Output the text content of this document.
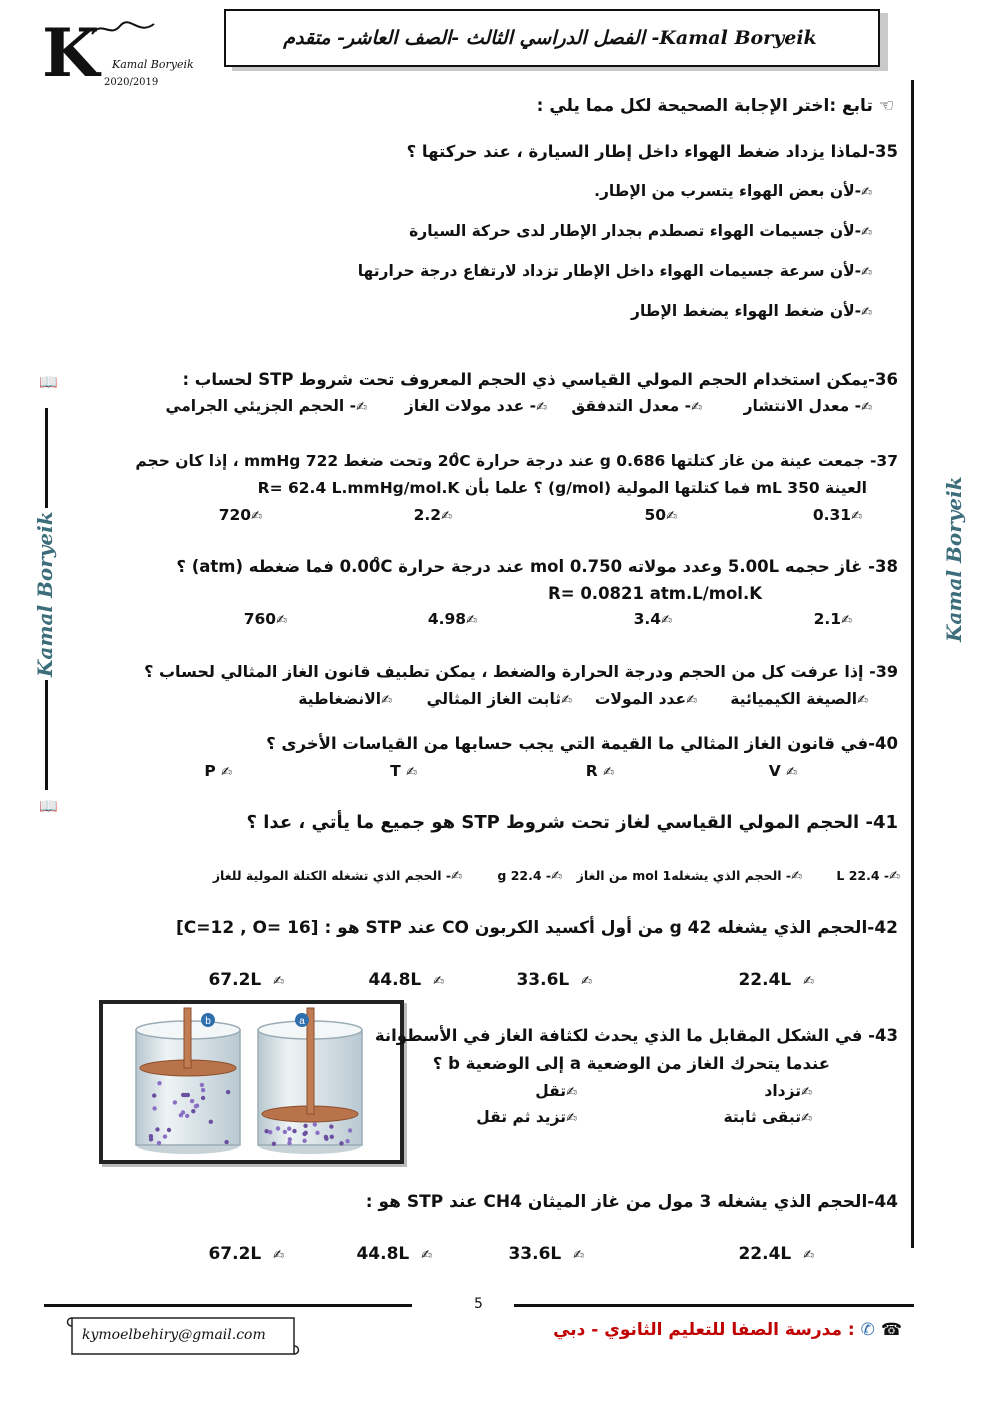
Kamal Boryeik- الفصل الدراسي الثالث -الصف العاشر- متقدم
K Kamal Boryeik
2020/2019
📖
Kamal Boryeik
📖
Kamal Boryeik
☜ تابع :اختر الإجابة الصحيحة لكل مما يلي :
35-لماذا يزداد ضغط الهواء داخل إطار السيارة ، عند حركتها ؟
✍-لأن بعض الهواء يتسرب من الإطار.
✍-لأن جسيمات الهواء تصطدم بجدار الإطار لدى حركة السيارة
✍-لأن سرعة جسيمات الهواء داخل الإطار تزداد لارتفاع درجة حرارتها
✍-لأن ضغط الهواء يضغط الإطار
36-يمكن استخدام الحجم المولي القياسي ذي الحجم المعروف تحت شروط STP لحساب :
✍- معدل الانتشار
✍- معدل التدفقق
✍- عدد مولات الغاز
✍- الحجم الجزيئي الجرامي
37- جمعت عينة من غاز كتلتها 0.686 g عند درجة حرارة 20̊C وتحت ضغط 722 mmHg ، إذا كان حجم
العينة 350 mL فما كتلتها المولية (g/mol) ؟ علما بأن R= 62.4 L.mmHg/mol.K
✍0.31
✍50
✍2.2
✍720
38- غاز حجمه 5.00L وعدد مولاته 0.750 mol عند درجة حرارة 0.00̊C فما ضغطه (atm) ؟
R= 0.0821 atm.L/mol.K
✍2.1
✍3.4
✍4.98
✍760
39- إذا عرفت كل من الحجم ودرجة الحرارة والضغط ، يمكن تطبيف قانون الغاز المثالي لحساب ؟
✍الصيغة الكيميائية
✍عدد المولات
✍ثابت الغاز المثالي
✍الانضغاطية
40-في قانون الغاز المثالي ما القيمة التي يجب حسابها من القياسات الأخرى ؟
✍ V
✍ R
✍ T
✍ P
41- الحجم المولي القياسي لغاز تحت شروط STP هو جميع ما يأتي ، عدا ؟
✍- 22.4 L
✍- الحجم الذي يشغله1 mol من الغاز
✍- 22.4 g
✍- الحجم الذي تشغله الكتلة المولية للغاز
42-الحجم الذي يشغله 42 g من أول أكسيد الكربون CO عند STP هو : [C=12 , O= 16]
✍  22.4L
✍  33.6L
✍  44.8L
✍  67.2L
b	a
43- في الشكل المقابل ما الذي يحدث لكثافة الغاز في الأسطوانة
عندما يتحرك الغاز من الوضعية a إلى الوضعية b ؟
✍تزداد
✍تقل
✍تبقى ثابتة
✍تزيد ثم تقل
44-الحجم الذي يشغله 3 مول من غاز الميثان CH4 عند STP هو :
✍  22.4L
✍  33.6L
✍  44.8L
✍  67.2L
5
☎ ✆ : مدرسة الصفا للتعليم الثانوي - دبي
kymoelbehiry@gmail.com
